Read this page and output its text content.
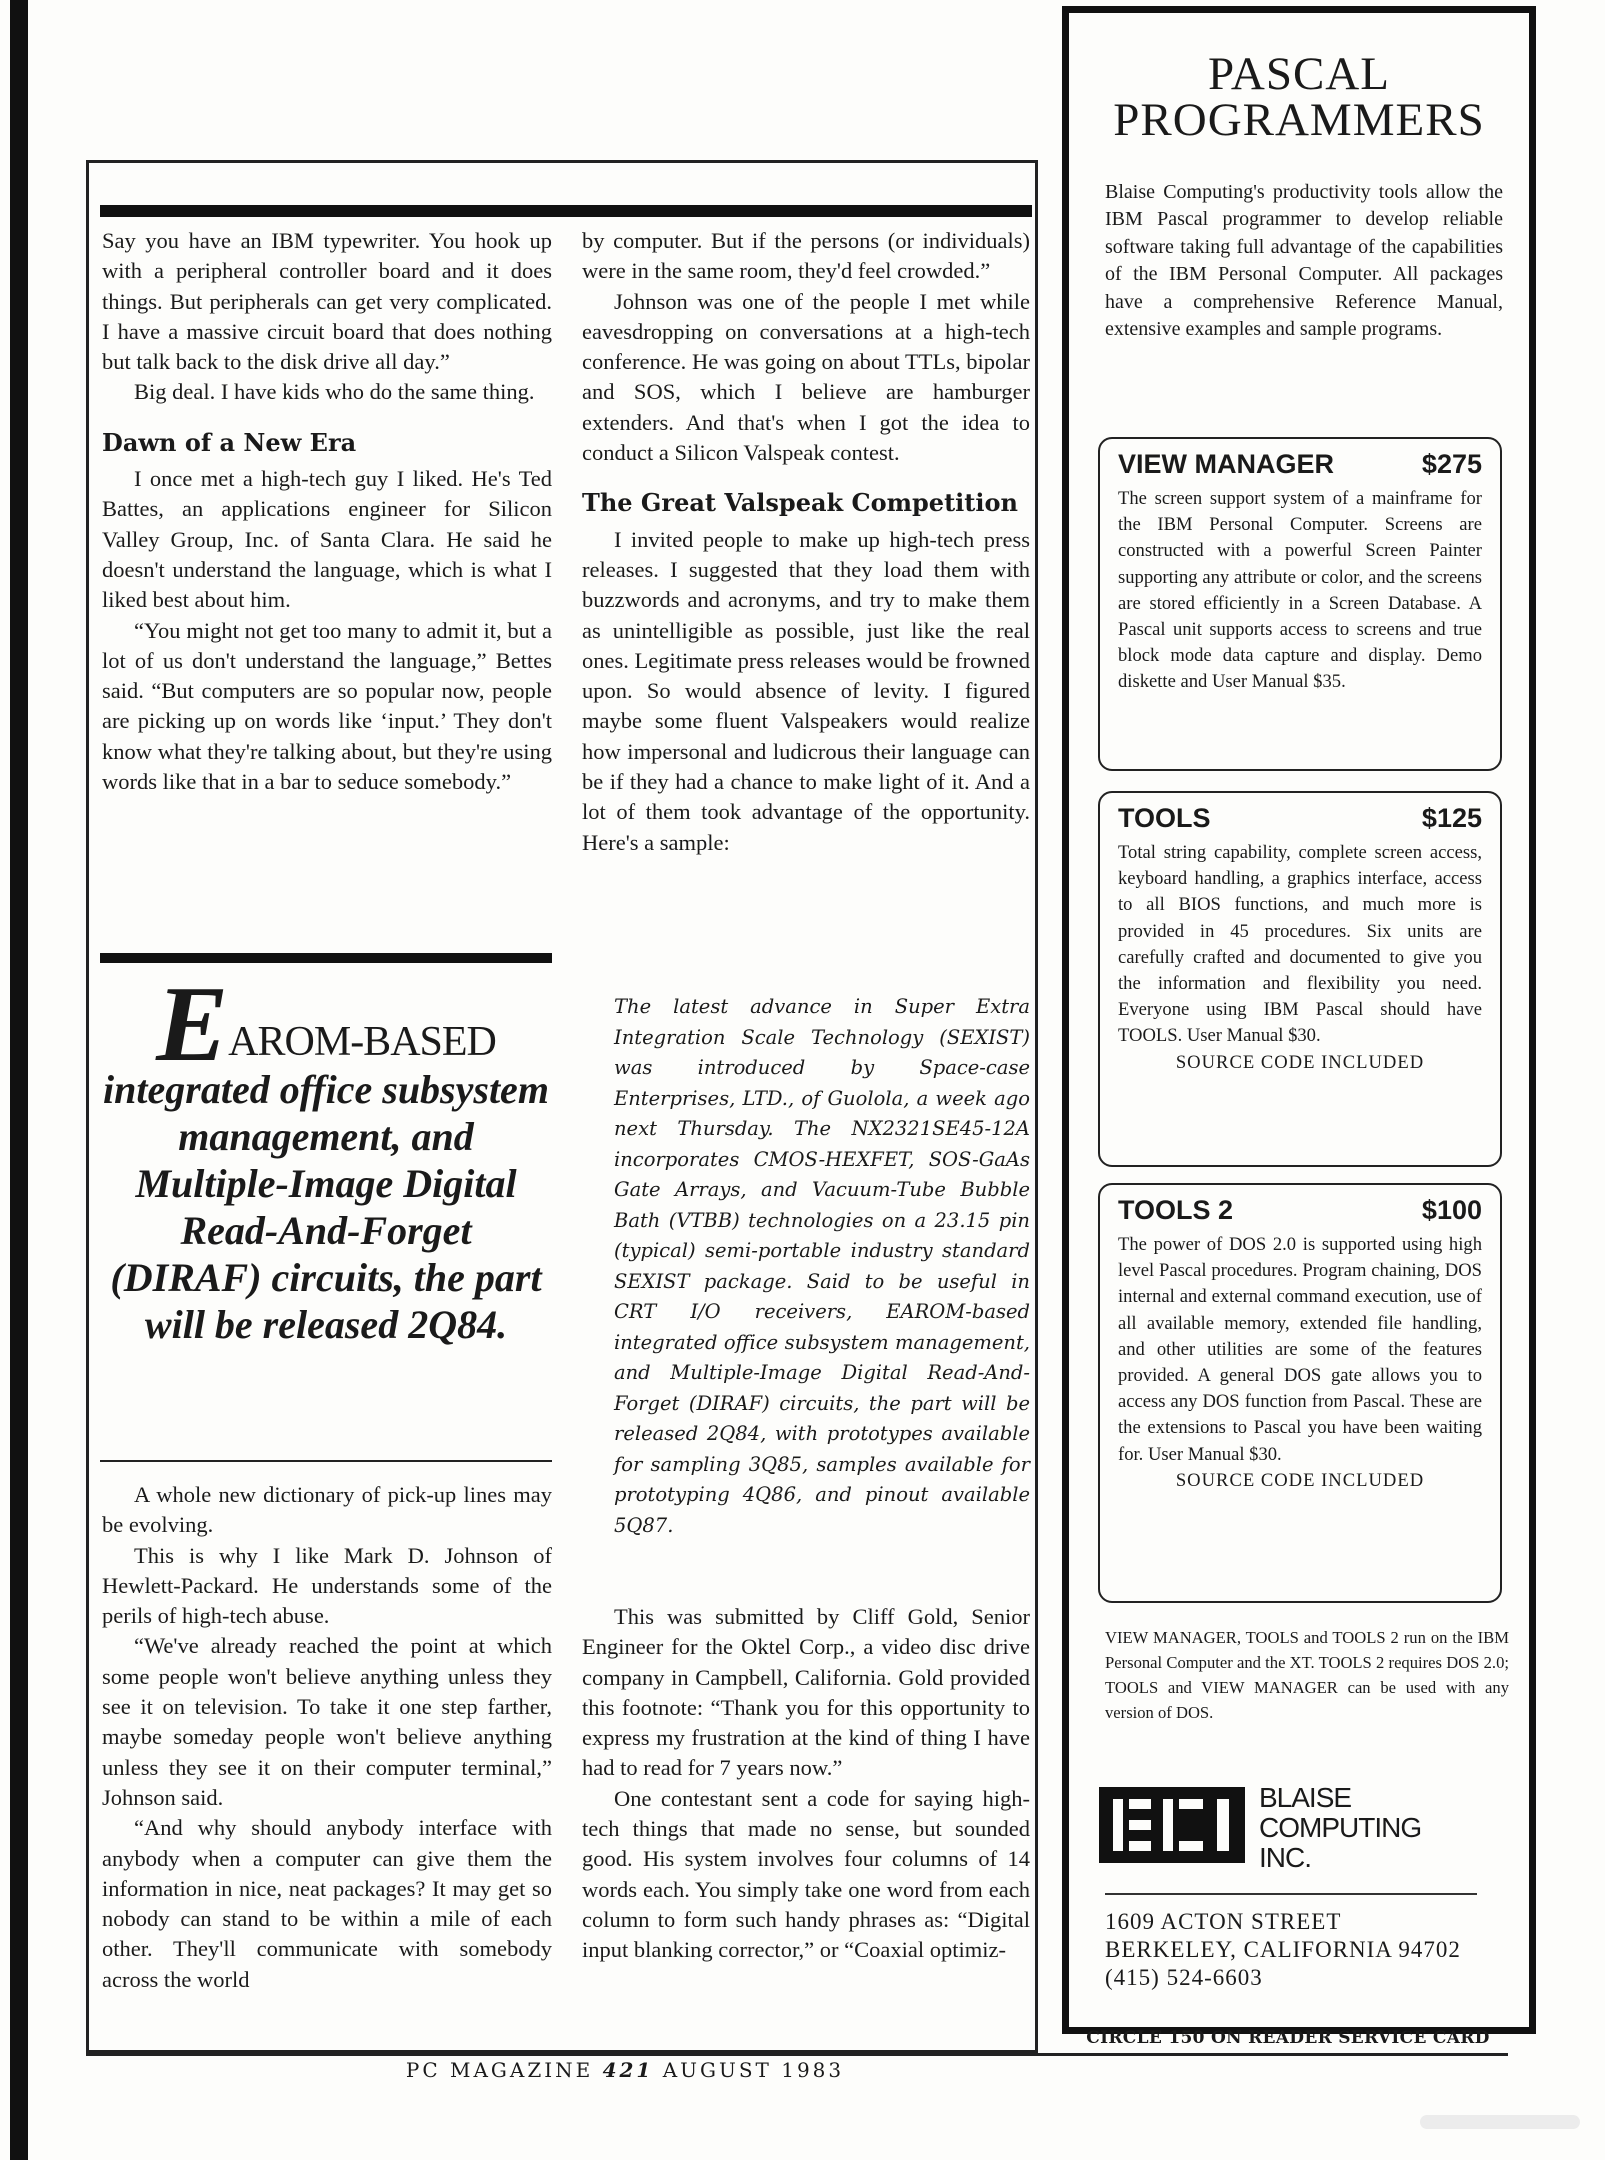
Say you have an IBM typewriter. You hook up with a peripheral controller board and it does things. But peripherals can get very complicated. I have a massive circuit board that does nothing but talk back to the disk drive all day.”

Big deal. I have kids who do the same thing.

Dawn of a New Era

I once met a high-tech guy I liked. He's Ted Battes, an applications engineer for Silicon Valley Group, Inc. of Santa Clara. He said he doesn't understand the language, which is what I liked best about him.

“You might not get too many to admit it, but a lot of us don't understand the language,” Bettes said. “But computers are so popular now, people are picking up on words like ‘input.’ They don't know what they're talking about, but they're using words like that in a bar to seduce somebody.”

EAROM-BASED
integrated office subsystem management, and Multiple-Image Digital Read-And-Forget (DIRAF) circuits, the part will be released 2Q84.

A whole new dictionary of pick-up lines may be evolving.

This is why I like Mark D. Johnson of Hewlett-Packard. He understands some of the perils of high-tech abuse.

“We've already reached the point at which some people won't believe anything unless they see it on television. To take it one step farther, maybe someday people won't believe anything unless they see it on their computer terminal,” Johnson said.

“And why should anybody interface with anybody when a computer can give them the information in nice, neat packages? It may get so nobody can stand to be within a mile of each other. They'll communicate with somebody across the world

by computer. But if the persons (or individuals) were in the same room, they'd feel crowded.”

Johnson was one of the people I met while eavesdropping on conversations at a high-tech conference. He was going on about TTLs, bipolar and SOS, which I believe are hamburger extenders. And that's when I got the idea to conduct a Silicon Valspeak contest.

The Great Valspeak Competition

I invited people to make up high-tech press releases. I suggested that they load them with buzzwords and acronyms, and try to make them as unintelligible as possible, just like the real ones. Legitimate press releases would be frowned upon. So would absence of levity. I figured maybe some fluent Valspeakers would realize how impersonal and ludicrous their language can be if they had a chance to make light of it. And a lot of them took advantage of the opportunity. Here's a sample:

The latest advance in Super Extra Integration Scale Technology (SEXIST) was introduced by Space-case Enterprises, LTD., of Guolola, a week ago next Thursday. The NX2321SE45-12A incorporates CMOS-HEXFET, SOS-GaAs Gate Arrays, and Vacuum-Tube Bubble Bath (VTBB) technologies on a 23.15 pin (typical) semi-portable industry standard SEXIST package. Said to be useful in CRT I/O receivers, EAROM-based integrated office subsystem management, and Multiple-Image Digital Read-And-Forget (DIRAF) circuits, the part will be released 2Q84, with prototypes available for sampling 3Q85, samples available for prototyping 4Q86, and pinout available 5Q87.

This was submitted by Cliff Gold, Senior Engineer for the Oktel Corp., a video disc drive company in Campbell, California. Gold provided this footnote: “Thank you for this opportunity to express my frustration at the kind of thing I have had to read for 7 years now.”

One contestant sent a code for saying high-tech things that made no sense, but sounded good. His system involves four columns of 14 words each. You simply take one word from each column to form such handy phrases as: “Digital input blanking corrector,” or “Coaxial optimiz-

PC MAGAZINE 421 AUGUST 1983
PASCAL
PROGRAMMERS
Blaise Computing's productivity tools allow the IBM Pascal programmer to develop reliable software taking full advantage of the capabilities of the IBM Personal Computer. All packages have a comprehensive Reference Manual, extensive examples and sample programs.
VIEW MANAGER	$275
The screen support system of a mainframe for the IBM Personal Computer. Screens are constructed with a powerful Screen Painter supporting any attribute or color, and the screens are stored efficiently in a Screen Database. A Pascal unit supports access to screens and true block mode data capture and display. Demo diskette and User Manual $35.
TOOLS	$125
Total string capability, complete screen access, keyboard handling, a graphics interface, access to all BIOS functions, and much more is provided in 45 procedures. Six units are carefully crafted and documented to give you the information and flexibility you need. Everyone using IBM Pascal should have TOOLS. User Manual $30.
SOURCE CODE INCLUDED
TOOLS 2	$100
The power of DOS 2.0 is supported using high level Pascal procedures. Program chaining, DOS internal and external command execution, use of all available memory, extended file handling, and other utilities are some of the features provided. A general DOS gate allows you to access any DOS function from Pascal. These are the extensions to Pascal you have been waiting for. User Manual $30.
SOURCE CODE INCLUDED
VIEW MANAGER, TOOLS and TOOLS 2 run on the IBM Personal Computer and the XT. TOOLS 2 requires DOS 2.0; TOOLS and VIEW MANAGER can be used with any version of DOS.
BLAISE
COMPUTING
INC.
1609 ACTON STREET
BERKELEY, CALIFORNIA 94702
(415) 524-6603
CIRCLE 150 ON READER SERVICE CARD
